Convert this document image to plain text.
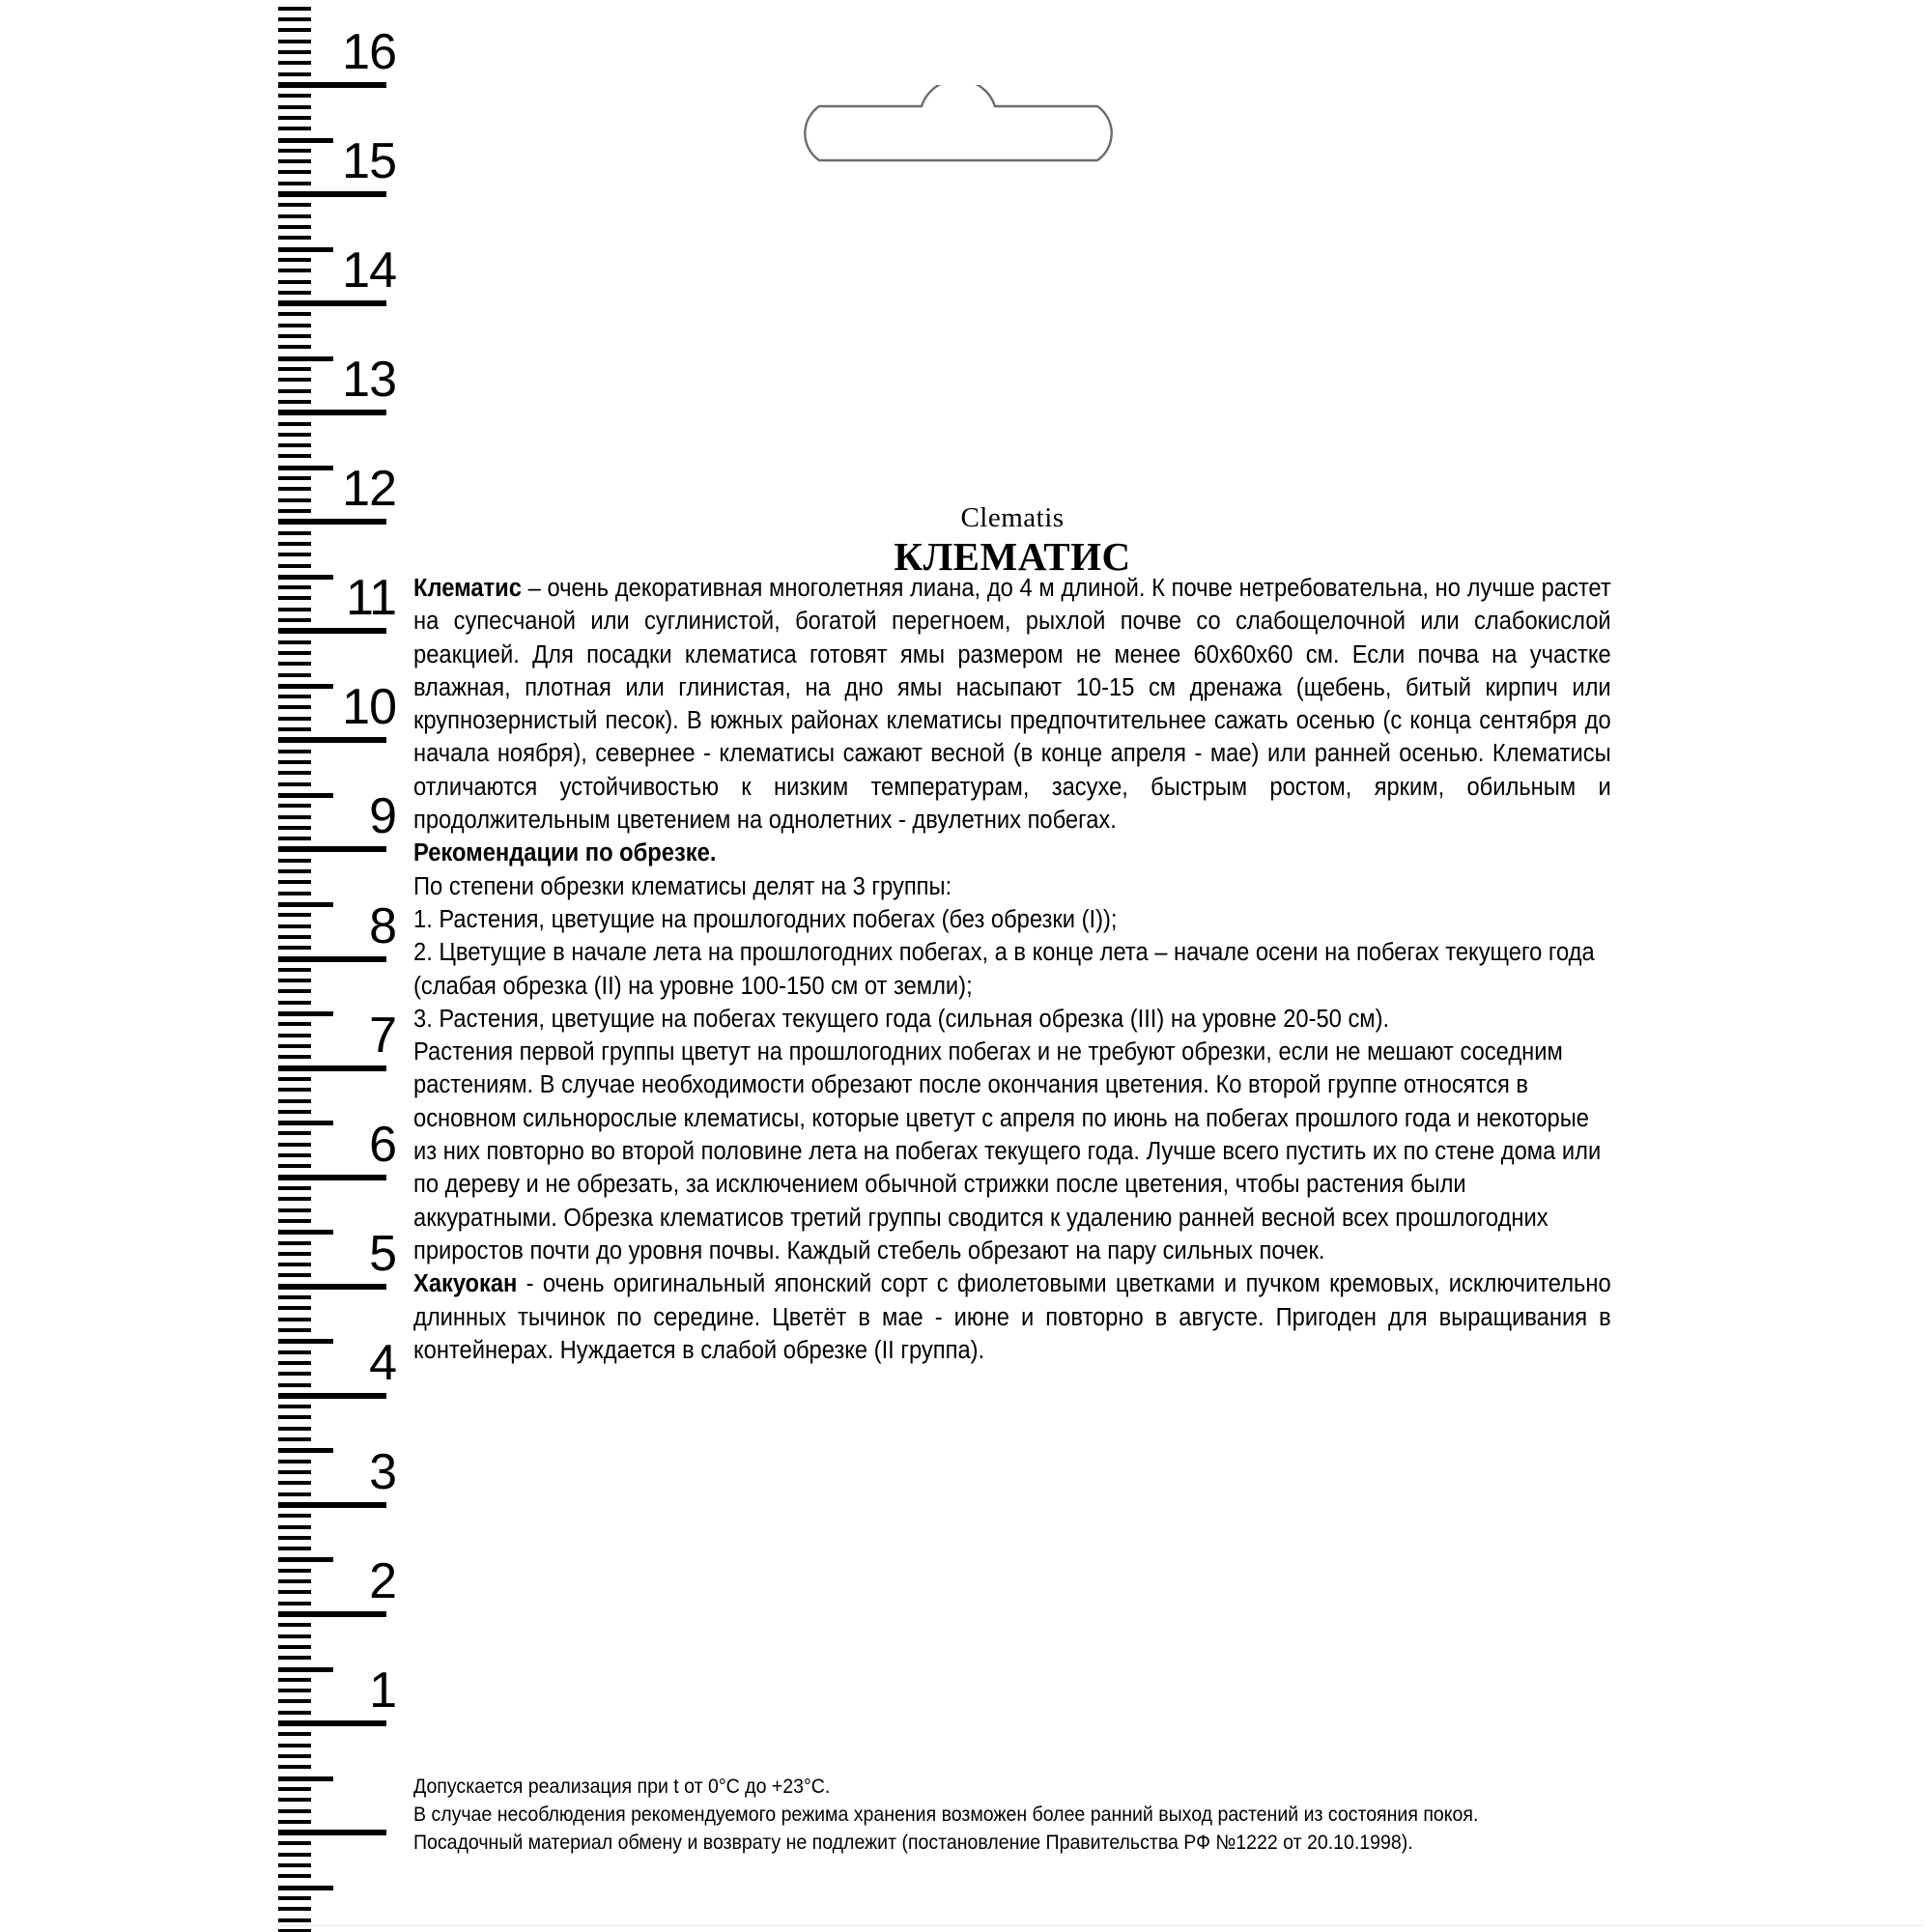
16
15
14
13
12
11
10
9
8
7
6
5
4
3
2
1
Clematis
КЛЕМАТИС

Клематис – очень декоративная многолетняя лиана, до 4 м длиной. К почве нетребовательна, но лучше растет на супесчаной или суглинистой, богатой перегноем, рыхлой почве со слабощелочной или слабокислой реакцией. Для посадки клематиса готовят ямы размером не менее 60х60х60 см. Если почва на участке влажная, плотная или глинистая, на дно ямы насыпают 10-15 см дренажа (щебень, битый кирпич или крупнозернистый песок). В южных районах клематисы предпочтительнее сажать осенью (с конца сентября до начала ноября), севернее - клематисы сажают весной (в конце апреля - мае) или ранней осенью. Клематисы отличаются устойчивостью к низким температурам, засухе, быстрым ростом, ярким, обильным и продолжительным цветением на однолетних - двулетних побегах.

Рекомендации по обрезке.

По степени обрезки клематисы делят на 3 группы:

1. Растения, цветущие на прошлогодних побегах (без обрезки (I));

2. Цветущие в начале лета на прошлогодних побегах, а в конце лета – начале осени на побегах текущего года (слабая обрезка (II) на уровне 100-150 см от земли);

3. Растения, цветущие на побегах текущего года (сильная обрезка (III) на уровне 20-50 см).

Растения первой группы цветут на прошлогодних побегах и не требуют обрезки, если не мешают соседним растениям. В случае необходимости обрезают после окончания цветения. Ко второй группе относятся в основном сильнорослые клематисы, которые цветут с апреля по июнь на побегах прошлого года и некоторые из них повторно во второй половине лета на побегах текущего года. Лучше всего пустить их по стене дома или по дереву и не обрезать, за исключением обычной стрижки после цветения, чтобы растения были аккуратными. Обрезка клематисов третий группы сводится к удалению ранней весной всех прошлогодних приростов почти до уровня почвы. Каждый стебель обрезают на пару сильных почек.

Хакуокан - очень оригинальный японский сорт с фиолетовыми цветками и пучком кремовых, исключительно длинных тычинок по середине. Цветёт в мае - июне и повторно в августе. Пригоден для выращивания в контейнерах. Нуждается в слабой обрезке (II группа).

Допускается реализация при t от 0°С до +23°С.
В случае несоблюдения рекомендуемого режима хранения возможен более ранний выход растений из состояния покоя.
Посадочный материал обмену и возврату не подлежит (постановление Правительства РФ №1222 от 20.10.1998).
